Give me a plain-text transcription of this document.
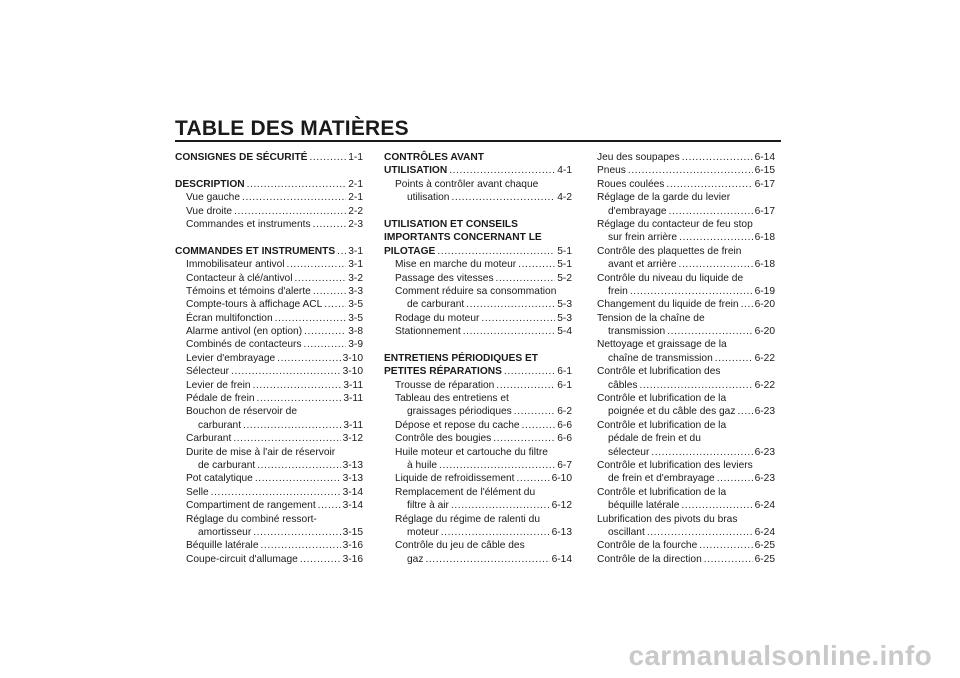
TABLE DES MATIÈRES
CONSIGNES DE SÉCURITÉ .....	1-1
DESCRIPTION .....	2-1
Vue gauche .....	2-1
Vue droite .....	2-2
Commandes et instruments .....	2-3
COMMANDES ET INSTRUMENTS ..... 3-1
Immobilisateur antivol .....	3-1
Contacteur à clé/antivol .....	3-2
Témoins et témoins d'alerte .....	3-3
Compte-tours à affichage ACL .....	3-5
Écran multifonction .....	3-5
Alarme antivol (en option) .....	3-8
Combinés de contacteurs .....	3-9
Levier d'embrayage .....	3-10
Sélecteur .....	3-10
Levier de frein .....	3-11
Pédale de frein .....	3-11
Bouchon de réservoir de
carburant .....	3-11
Carburant .....	3-12
Durite de mise à l'air de réservoir
de carburant .....	3-13
Pot catalytique .....	3-13
Selle .....	3-14
Compartiment de rangement .....	3-14
Réglage du combiné ressort-
amortisseur .....	3-15
Béquille latérale .....	3-16
Coupe-circuit d'allumage .....	3-16
CONTRÔLES AVANT
UTILISATION .....	4-1
Points à contrôler avant chaque
utilisation .....	4-2
UTILISATION ET CONSEILS
IMPORTANTS CONCERNANT LE
PILOTAGE .....	5-1
Mise en marche du moteur .....	5-1
Passage des vitesses .....	5-2
Comment réduire sa consommation
de carburant .....	5-3
Rodage du moteur .....	5-3
Stationnement .....	5-4
ENTRETIENS PÉRIODIQUES ET
PETITES RÉPARATIONS .....	6-1
Trousse de réparation .....	6-1
Tableau des entretiens et
graissages périodiques .....	6-2
Dépose et repose du cache .....	6-6
Contrôle des bougies .....	6-6
Huile moteur et cartouche du filtre
à huile .....	6-7
Liquide de refroidissement .....	6-10
Remplacement de l'élément du
filtre à air .....	6-12
Réglage du régime de ralenti du
moteur .....	6-13
Contrôle du jeu de câble des
gaz .....	6-14
Jeu des soupapes .....	6-14
Pneus .....	6-15
Roues coulées .....	6-17
Réglage de la garde du levier
d'embrayage .....	6-17
Réglage du contacteur de feu stop
sur frein arrière .....	6-18
Contrôle des plaquettes de frein
avant et arrière .....	6-18
Contrôle du niveau du liquide de
frein .....	6-19
Changement du liquide de frein ..... 6-20
Tension de la chaîne de
transmission .....	6-20
Nettoyage et graissage de la
chaîne de transmission .....	6-22
Contrôle et lubrification des
câbles .....	6-22
Contrôle et lubrification de la
poignée et du câble des gaz ..... 6-23
Contrôle et lubrification de la
pédale de frein et du
sélecteur .....	6-23
Contrôle et lubrification des leviers
de frein et d'embrayage .....	6-23
Contrôle et lubrification de la
béquille latérale .....	6-24
Lubrification des pivots du bras
oscillant .....	6-24
Contrôle de la fourche .....	6-25
Contrôle de la direction .....	6-25
carmanualsonline.info
